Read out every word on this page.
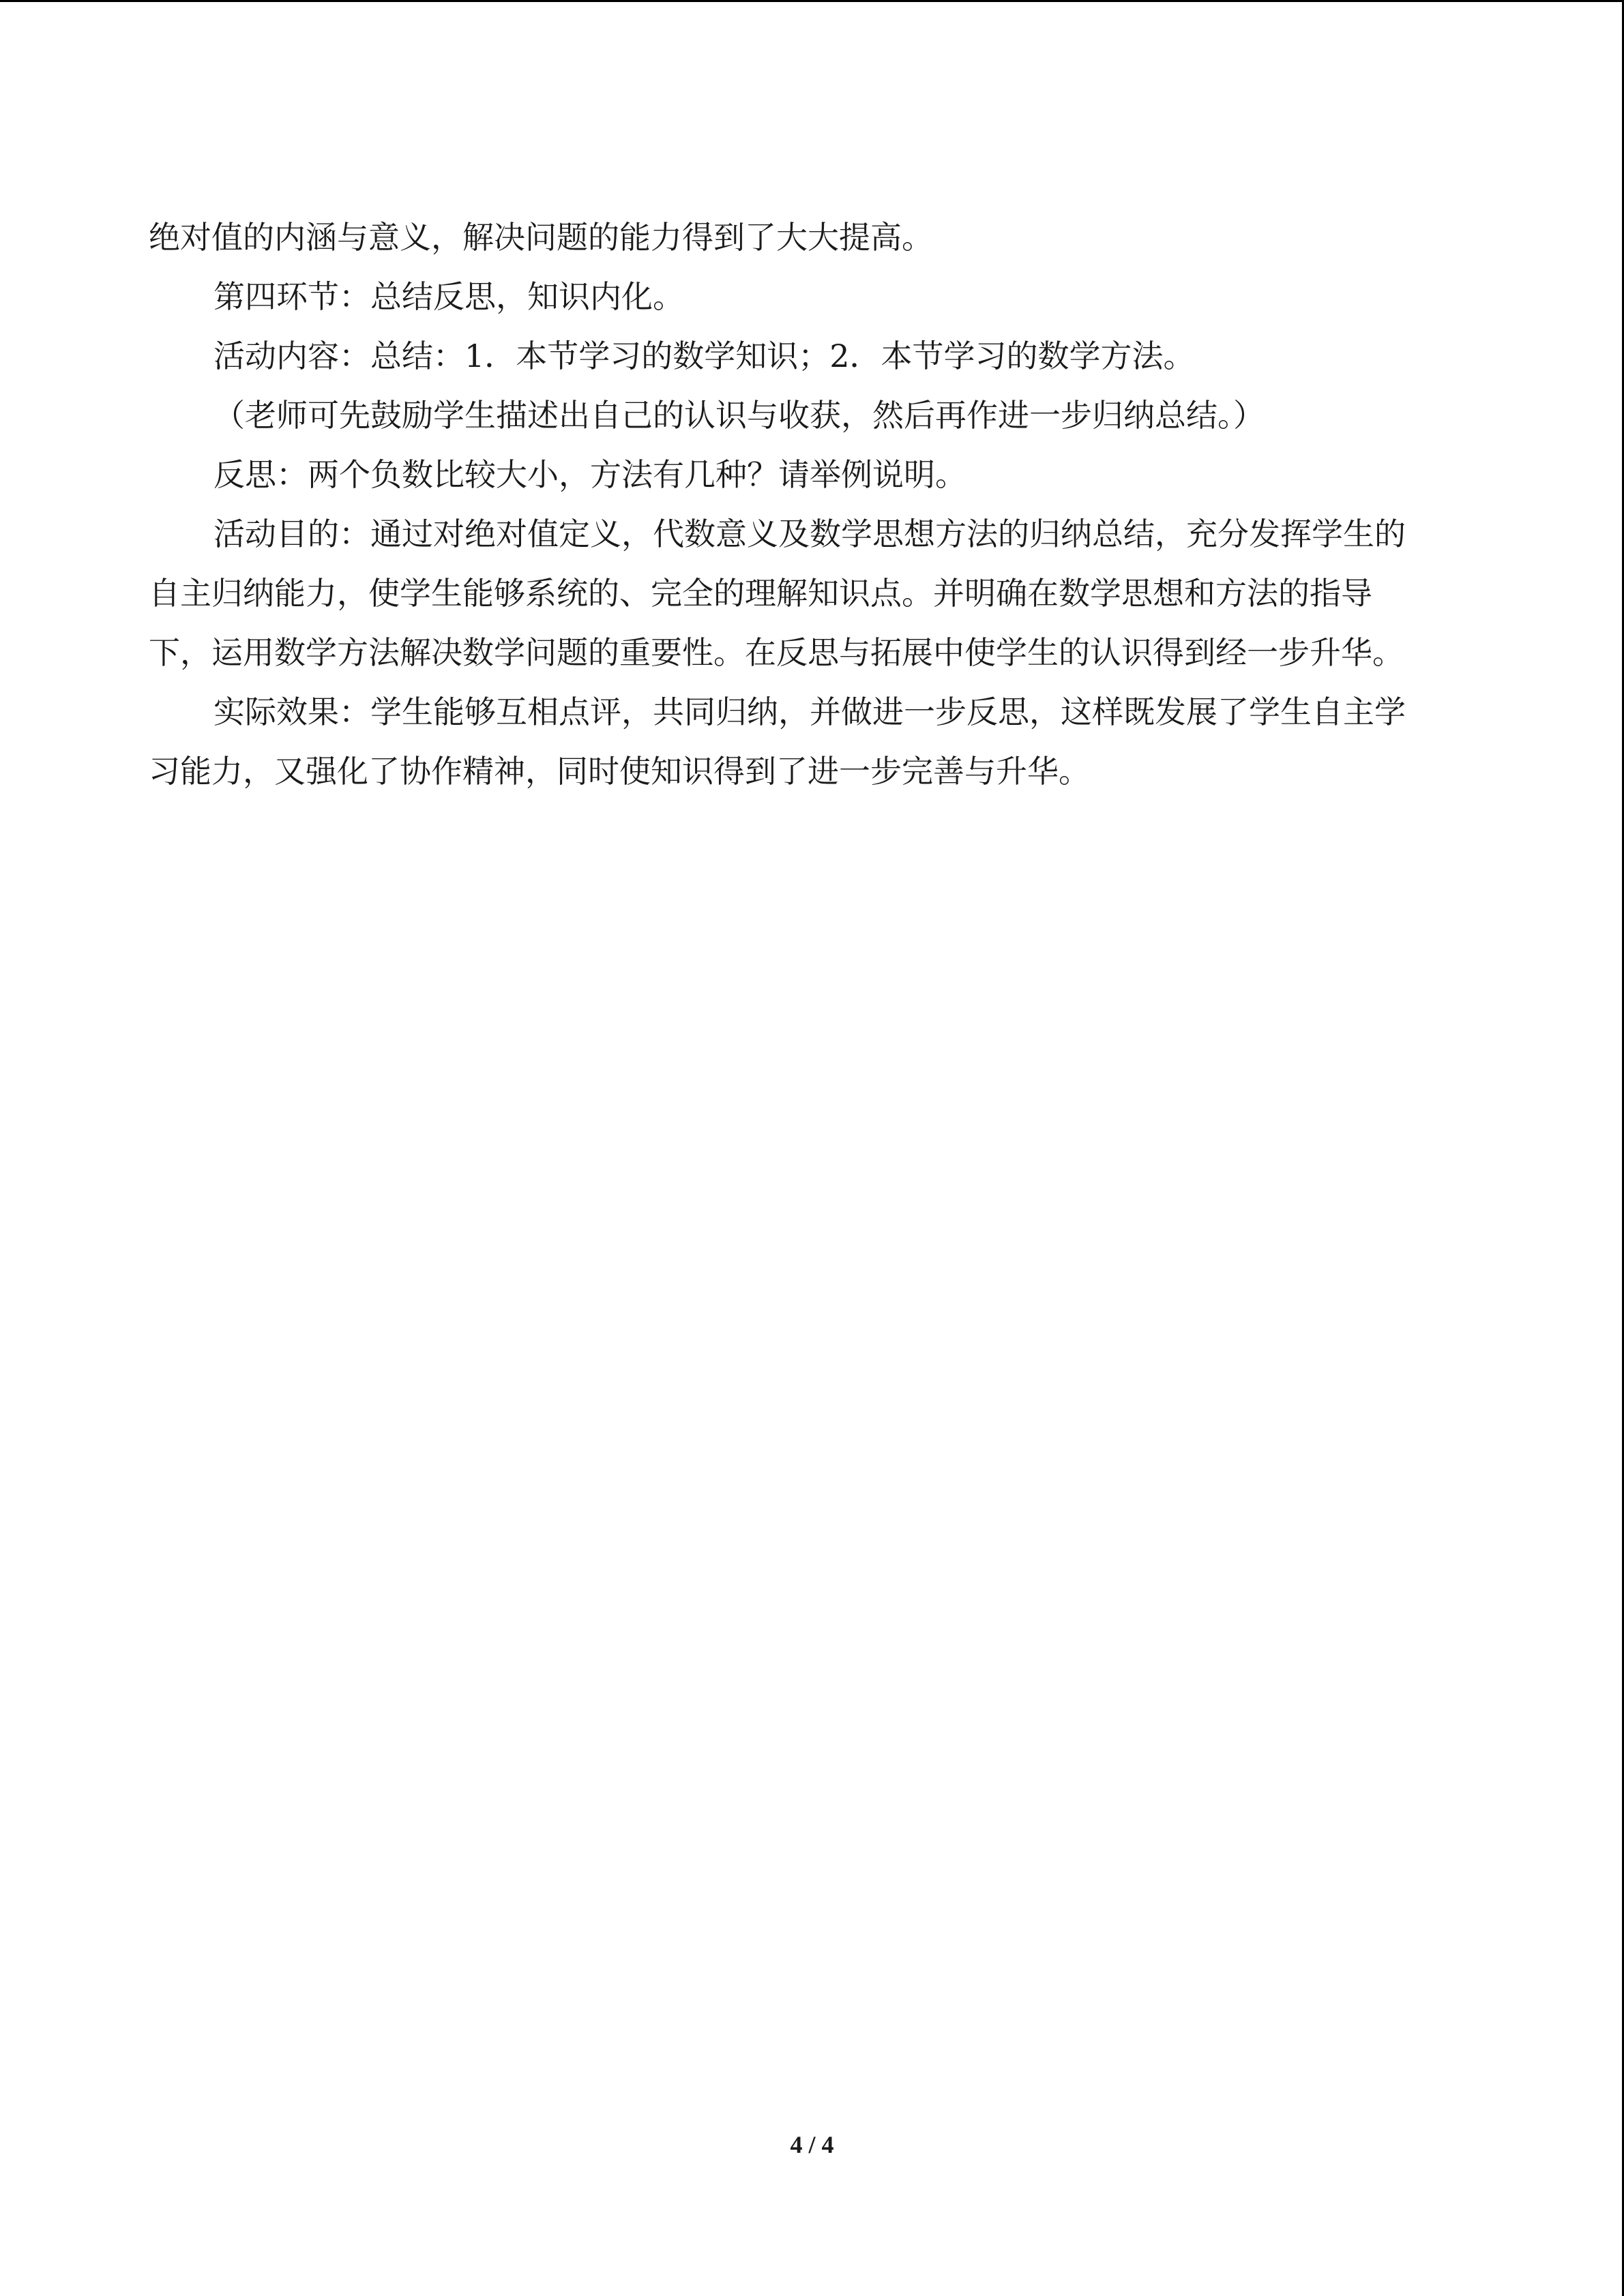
绝对值的内涵与意义，解决问题的能力得到了大大提高。

第四环节：总结反思，知识内化。

活动内容：总结：1．本节学习的数学知识；2．本节学习的数学方法。

（老师可先鼓励学生描述出自己的认识与收获，然后再作进一步归纳总结。）

反思：两个负数比较大小，方法有几种？请举例说明。

活动目的：通过对绝对值定义，代数意义及数学思想方法的归纳总结，充分发挥学生的

自主归纳能力，使学生能够系统的、完全的理解知识点。并明确在数学思想和方法的指导

下，运用数学方法解决数学问题的重要性。在反思与拓展中使学生的认识得到经一步升华。

实际效果：学生能够互相点评，共同归纳，并做进一步反思，这样既发展了学生自主学

习能力，又强化了协作精神，同时使知识得到了进一步完善与升华。

4 / 4
